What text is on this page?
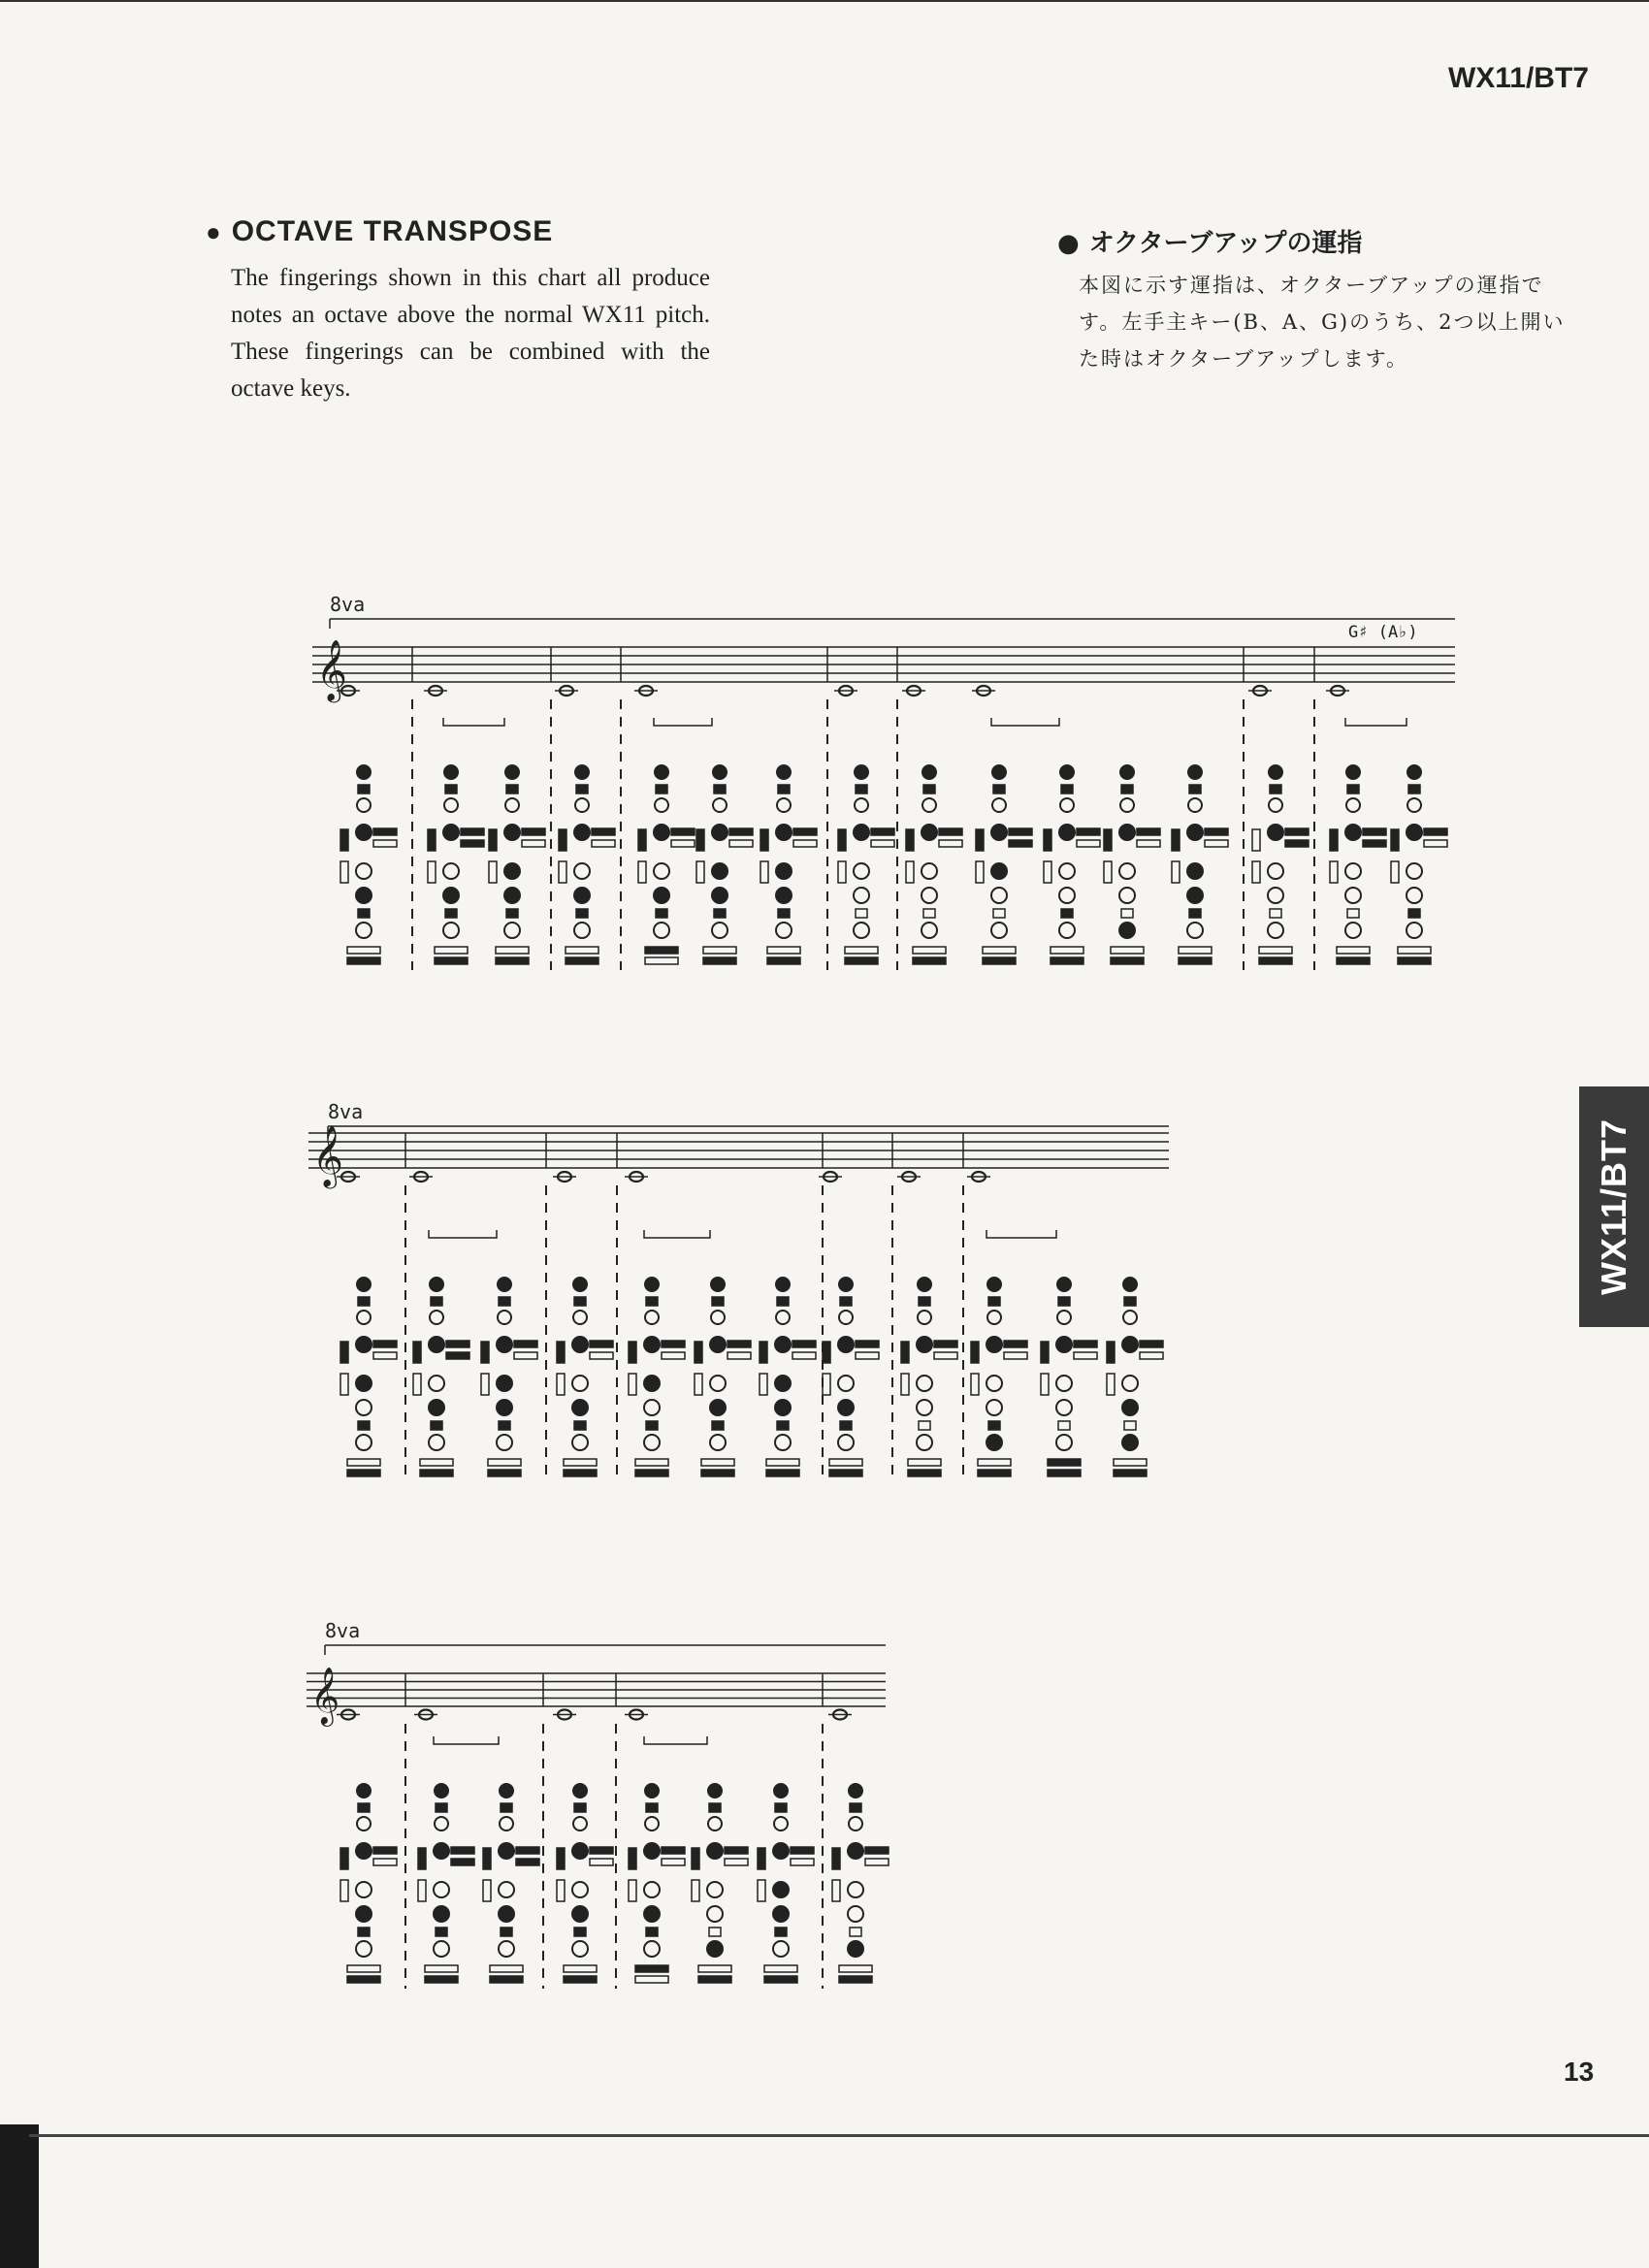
WX11/BT7
● OCTAVE TRANSPOSE

The fingerings shown in this chart all produce notes an octave above the normal WX11 pitch. These fingerings can be combined with the octave keys.

● オクターブアップの運指

本図に示す運指は、オクターブアップの運指です。左手主キー(B、A、G)のうち、2つ以上開いた時はオクターブアップします。

8va
𝄞
G♯ (A♭)
8va
𝄞
8va
𝄞
WX11/BT7
13
